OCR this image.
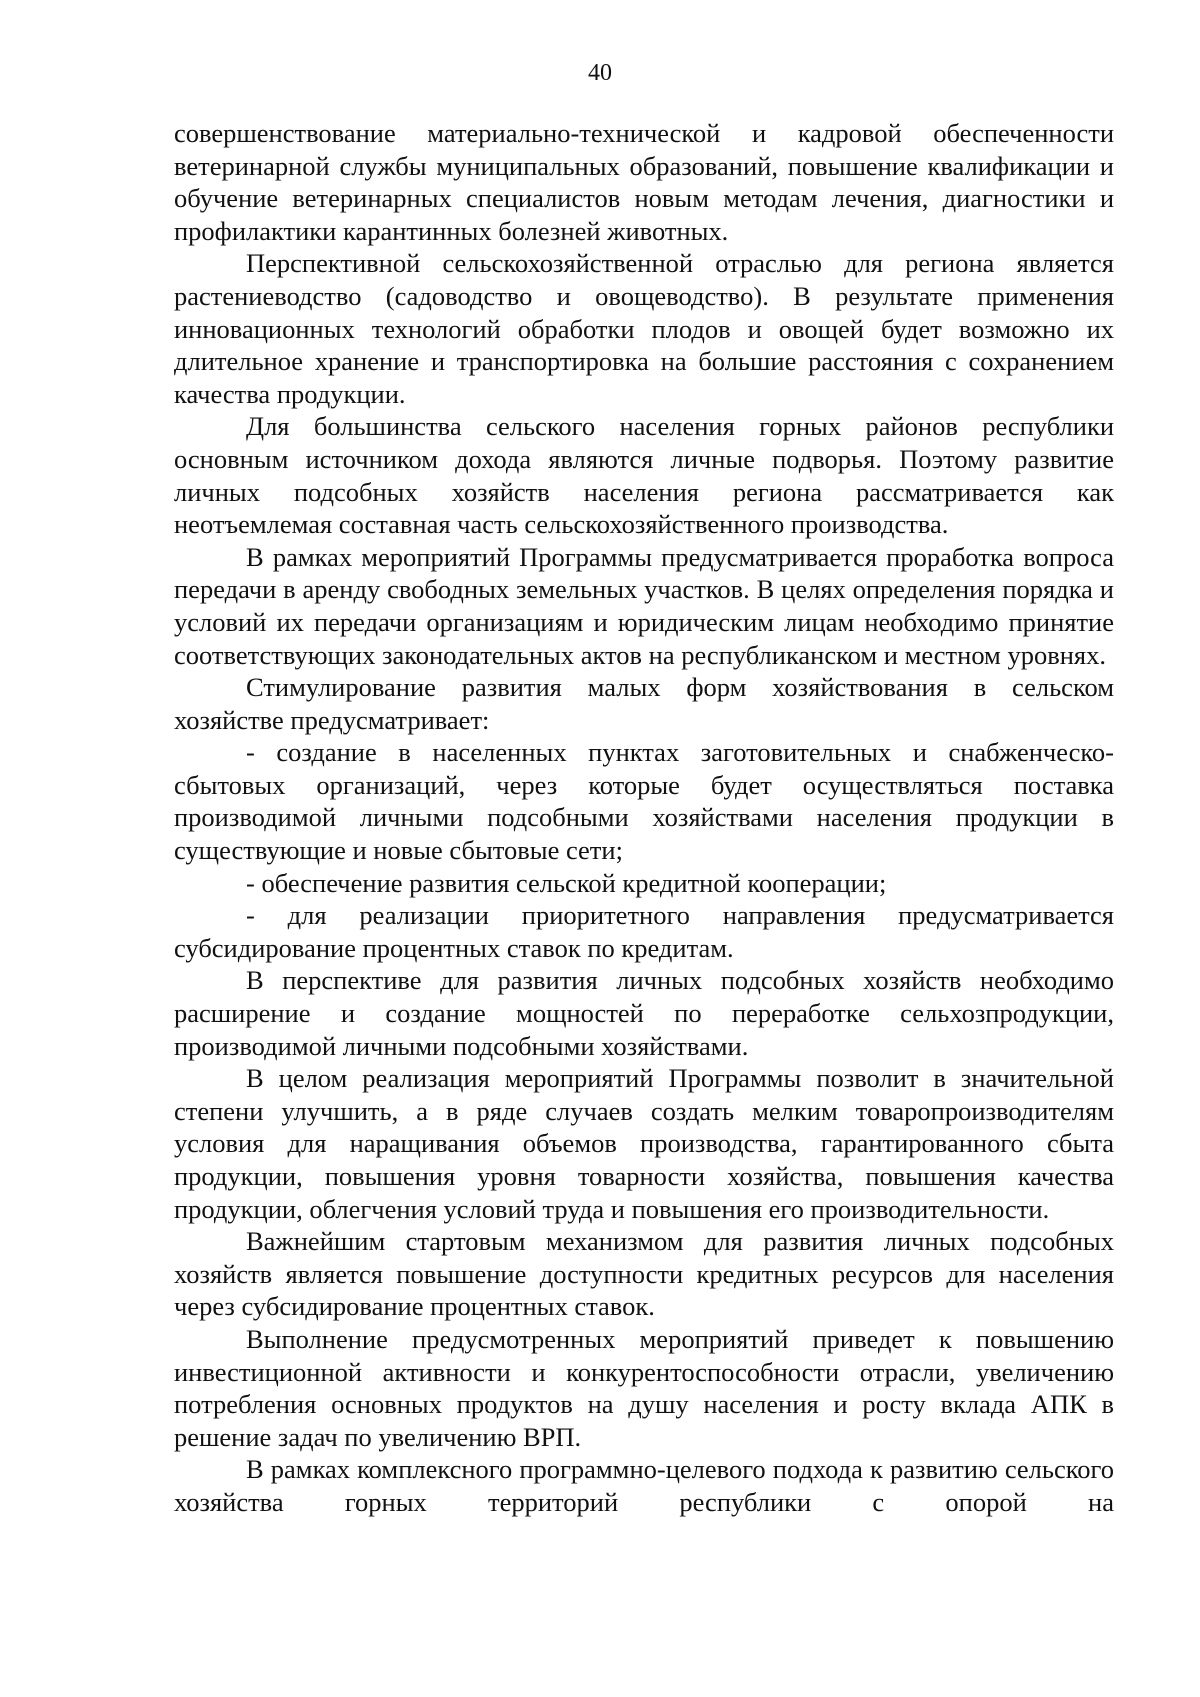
40

совершенствование материально-технической и кадровой обеспеченности ветеринарной службы муниципальных образований, повышение квалификации и обучение ветеринарных специалистов новым методам лечения, диагностики и профилактики карантинных болезней животных.

Перспективной сельскохозяйственной отраслью для региона является растениеводство (садоводство и овощеводство). В результате применения инновационных технологий обработки плодов и овощей будет возможно их длительное хранение и транспортировка на большие расстояния с сохранением качества продукции.

Для большинства сельского населения горных районов республики основным источником дохода являются личные подворья. Поэтому развитие личных подсобных хозяйств населения региона рассматривается как неотъемлемая составная часть сельскохозяйственного производства.

В рамках мероприятий Программы предусматривается проработка вопроса передачи в аренду свободных земельных участков. В целях определения порядка и условий их передачи организациям и юридическим лицам необходимо принятие соответствующих законодательных актов на республиканском и местном уровнях.

Стимулирование развития малых форм хозяйствования в сельском хозяйстве предусматривает:

- создание в населенных пунктах заготовительных и снабженческо-сбытовых организаций, через которые будет осуществляться поставка производимой личными подсобными хозяйствами населения продукции в существующие и новые сбытовые сети;

- обеспечение развития сельской кредитной кооперации;

- для реализации приоритетного направления предусматривается субсидирование процентных ставок по кредитам.

В перспективе для развития личных подсобных хозяйств необходимо расширение и создание мощностей по переработке сельхозпродукции, производимой личными подсобными хозяйствами.

В целом реализация мероприятий Программы позволит в значительной степени улучшить, а в ряде случаев создать мелким товаропроизводителям условия для наращивания объемов производства, гарантированного сбыта продукции, повышения уровня товарности хозяйства, повышения качества продукции, облегчения условий труда и повышения его производительности.

Важнейшим стартовым механизмом для развития личных подсобных хозяйств является повышение доступности кредитных ресурсов для населения через субсидирование процентных ставок.

Выполнение предусмотренных мероприятий приведет к повышению инвестиционной активности и конкурентоспособности отрасли, увеличению потребления основных продуктов на душу населения и росту вклада АПК в решение задач по увеличению ВРП.

В рамках комплексного программно-целевого подхода к развитию сельского хозяйства горных территорий республики с опорой на
